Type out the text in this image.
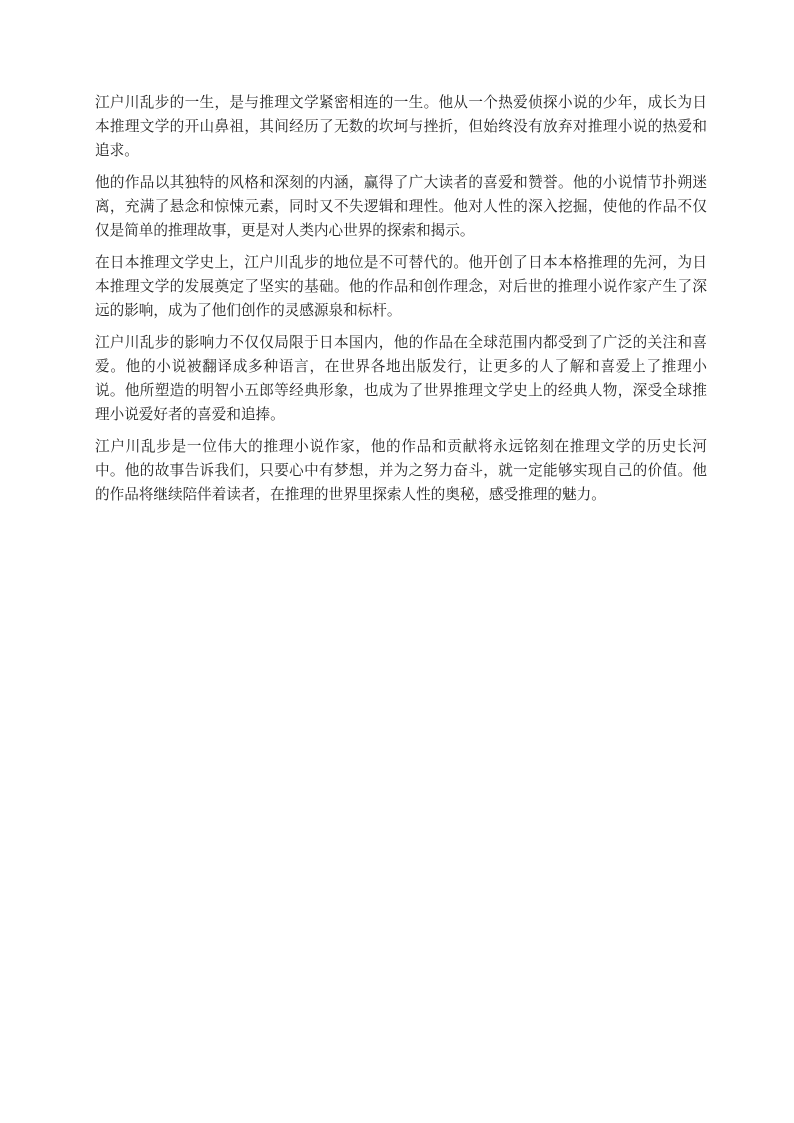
江户川乱步的一生，是与推理文学紧密相连的一生。他从一个热爱侦探小说的少年，成长为日本推理文学的开山鼻祖，其间经历了无数的坎坷与挫折，但始终没有放弃对推理小说的热爱和追求。

他的作品以其独特的风格和深刻的内涵，赢得了广大读者的喜爱和赞誉。他的小说情节扑朔迷离，充满了悬念和惊悚元素，同时又不失逻辑和理性。他对人性的深入挖掘，使他的作品不仅仅是简单的推理故事，更是对人类内心世界的探索和揭示。

在日本推理文学史上，江户川乱步的地位是不可替代的。他开创了日本本格推理的先河，为日本推理文学的发展奠定了坚实的基础。他的作品和创作理念，对后世的推理小说作家产生了深远的影响，成为了他们创作的灵感源泉和标杆。

江户川乱步的影响力不仅仅局限于日本国内，他的作品在全球范围内都受到了广泛的关注和喜爱。他的小说被翻译成多种语言，在世界各地出版发行，让更多的人了解和喜爱上了推理小说。他所塑造的明智小五郎等经典形象，也成为了世界推理文学史上的经典人物，深受全球推理小说爱好者的喜爱和追捧。

江户川乱步是一位伟大的推理小说作家，他的作品和贡献将永远铭刻在推理文学的历史长河中。他的故事告诉我们，只要心中有梦想，并为之努力奋斗，就一定能够实现自己的价值。他的作品将继续陪伴着读者，在推理的世界里探索人性的奥秘，感受推理的魅力。
